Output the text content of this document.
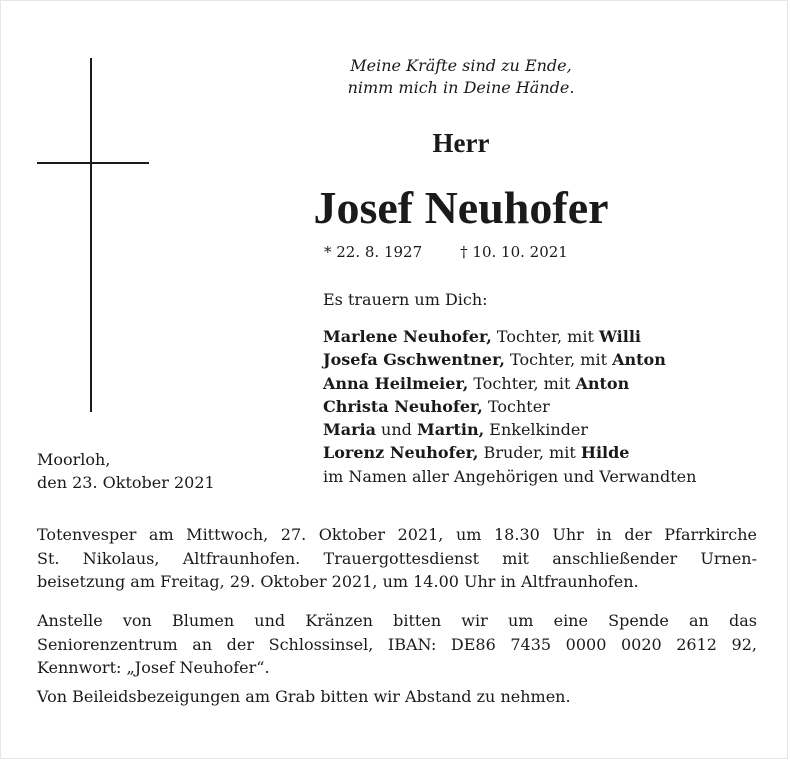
Meine Kräfte sind zu Ende,
nimm mich in Deine Hände.
Herr
Josef Neuhofer
* 22. 8. 1927	† 10. 10. 2021
Es trauern um Dich:
Marlene Neuhofer, Tochter, mit Willi
Josefa Gschwentner, Tochter, mit Anton
Anna Heilmeier, Tochter, mit Anton
Christa Neuhofer, Tochter
Maria und Martin, Enkelkinder
Lorenz Neuhofer, Bruder, mit Hilde
im Namen aller Angehörigen und Verwandten
Moorloh,
den 23. Oktober 2021
Totenvesper am Mittwoch, 27. Oktober 2021, um 18.30 Uhr in der Pfarrkirche
St. Nikolaus, Altfraunhofen. Trauergottesdienst mit anschließender Urnen-
beisetzung am Freitag, 29. Oktober 2021, um 14.00 Uhr in Altfraunhofen.
Anstelle von Blumen und Kränzen bitten wir um eine Spende an das
Seniorenzentrum an der Schlossinsel, IBAN: DE86 7435 0000 0020 2612 92,
Kennwort: „Josef Neuhofer“.
Von Beileidsbezeigungen am Grab bitten wir Abstand zu nehmen.
